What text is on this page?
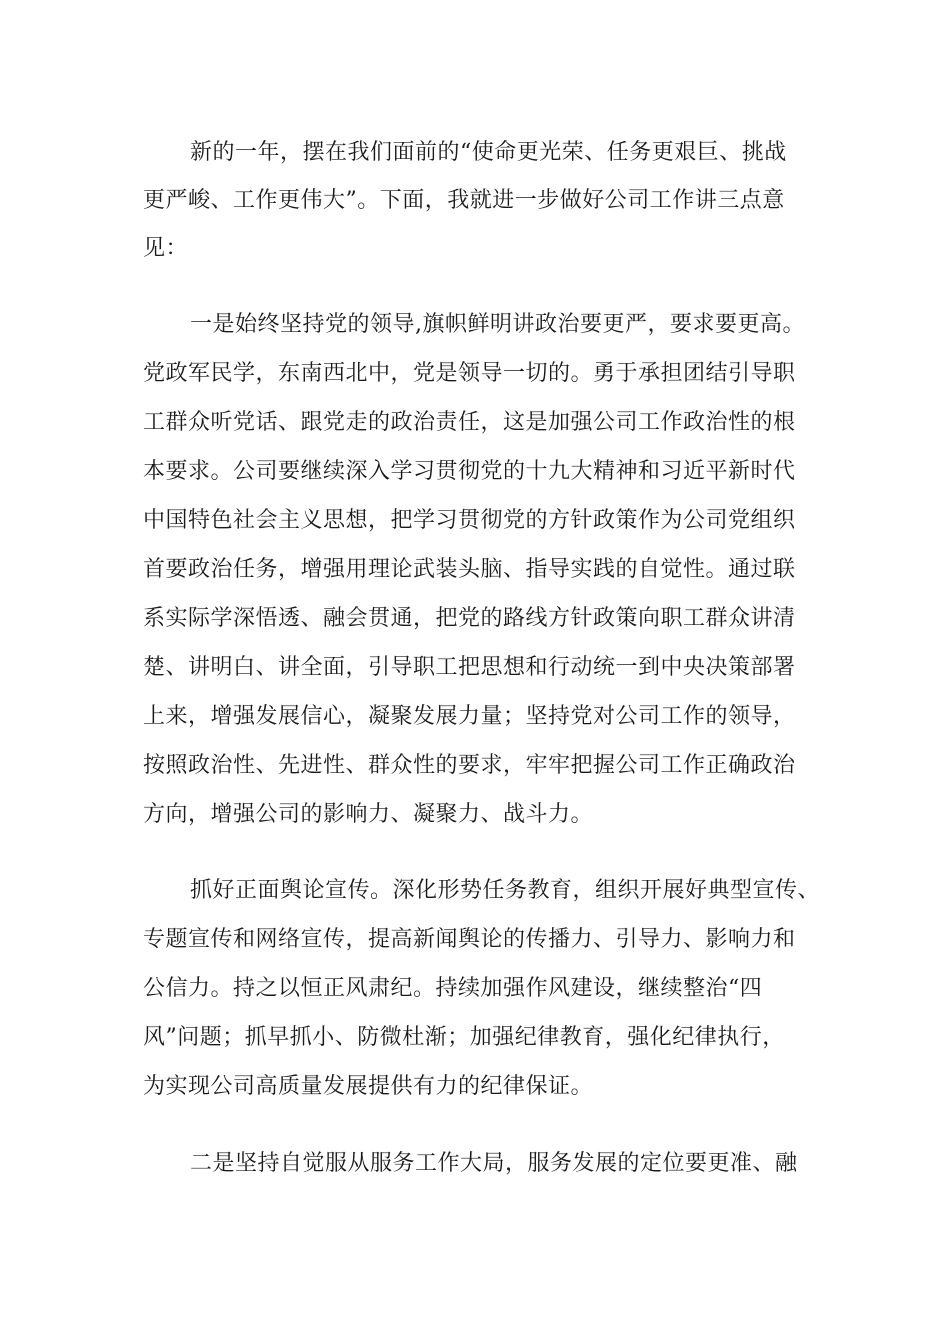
新的一年，摆在我们面前的“使命更光荣、任务更艰巨、挑战
更严峻、工作更伟大”。下面，我就进一步做好公司工作讲三点意
见：
一是始终坚持党的领导,旗帜鲜明讲政治要更严，要求要更高。
党政军民学，东南西北中，党是领导一切的。勇于承担团结引导职
工群众听党话、跟党走的政治责任，这是加强公司工作政治性的根
本要求。公司要继续深入学习贯彻党的十九大精神和习近平新时代
中国特色社会主义思想，把学习贯彻党的方针政策作为公司党组织
首要政治任务，增强用理论武装头脑、指导实践的自觉性。通过联
系实际学深悟透、融会贯通，把党的路线方针政策向职工群众讲清
楚、讲明白、讲全面，引导职工把思想和行动统一到中央决策部署
上来，增强发展信心，凝聚发展力量；坚持党对公司工作的领导，
按照政治性、先进性、群众性的要求，牢牢把握公司工作正确政治
方向，增强公司的影响力、凝聚力、战斗力。
抓好正面舆论宣传。深化形势任务教育，组织开展好典型宣传、
专题宣传和网络宣传，提高新闻舆论的传播力、引导力、影响力和
公信力。持之以恒正风肃纪。持续加强作风建设，继续整治“四
风”问题；抓早抓小、防微杜渐；加强纪律教育，强化纪律执行，
为实现公司高质量发展提供有力的纪律保证。
二是坚持自觉服从服务工作大局，服务发展的定位要更准、融
